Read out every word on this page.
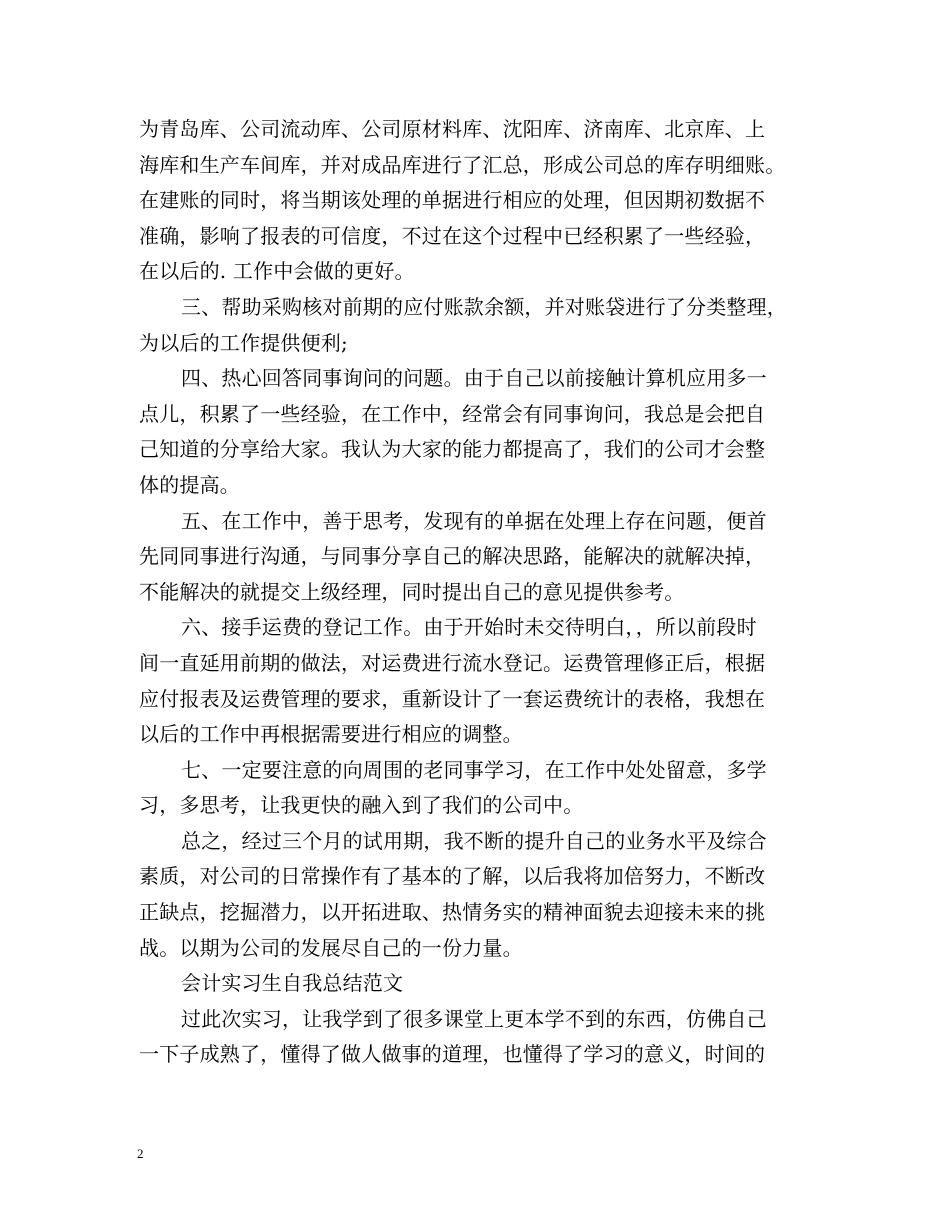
为青岛库、公司流动库、公司原材料库、沈阳库、济南库、北京库、上
海库和生产车间库，并对成品库进行了汇总，形成公司总的库存明细账。
在建账的同时，将当期该处理的单据进行相应的处理，但因期初数据不
准确，影响了报表的可信度，不过在这个过程中已经积累了一些经验，
在以后的. 工作中会做的更好。
三、帮助采购核对前期的应付账款余额，并对账袋进行了分类整理，
为以后的工作提供便利;
四、热心回答同事询问的问题。由于自己以前接触计算机应用多一
点儿，积累了一些经验，在工作中，经常会有同事询问，我总是会把自
己知道的分享给大家。我认为大家的能力都提高了，我们的公司才会整
体的提高。
五、在工作中，善于思考，发现有的单据在处理上存在问题，便首
先同同事进行沟通，与同事分享自己的解决思路，能解决的就解决掉，
不能解决的就提交上级经理，同时提出自己的意见提供参考。
六、接手运费的登记工作。由于开始时未交待明白，，所以前段时
间一直延用前期的做法，对运费进行流水登记。运费管理修正后，根据
应付报表及运费管理的要求，重新设计了一套运费统计的表格，我想在
以后的工作中再根据需要进行相应的调整。
七、一定要注意的向周围的老同事学习，在工作中处处留意，多学
习，多思考，让我更快的融入到了我们的公司中。
总之，经过三个月的试用期，我不断的提升自己的业务水平及综合
素质，对公司的日常操作有了基本的了解，以后我将加倍努力，不断改
正缺点，挖掘潜力，以开拓进取、热情务实的精神面貌去迎接未来的挑
战。以期为公司的发展尽自己的一份力量。
会计实习生自我总结范文
过此次实习，让我学到了很多课堂上更本学不到的东西，仿佛自己
一下子成熟了，懂得了做人做事的道理，也懂得了学习的意义，时间的
2
